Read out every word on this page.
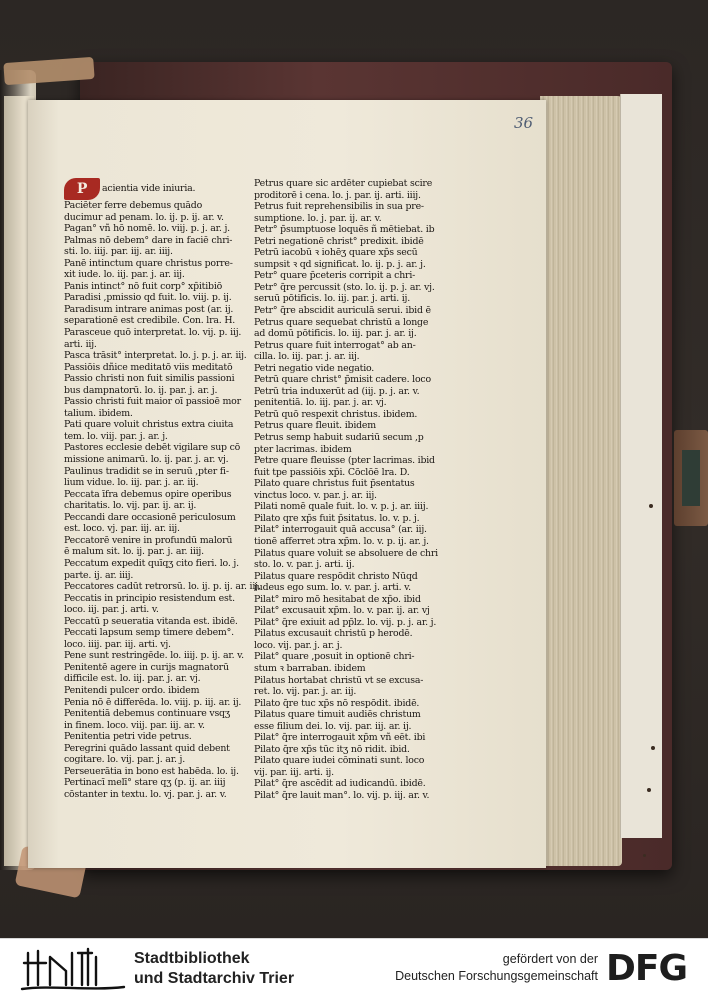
36
P acientia vide iniuria.
Paciēter ferre debemus quādo
ducimur ad penam. lo. ij. p. ij. ar. v.
Pagan° vñ hō nomē. lo. viij. p. j. ar. j.
Palmas nō debem° dare in faciē chri-
sti. lo. iiij. par. iij. ar. iiij.
Panē intinctum quare christus porre-
xit iude. lo. iij. par. j. ar. iij.
Panis intinct° nō fuit corp° xp̄itibiō
Paradisi ,pmissio qd fuit. lo. viij. p. ij.
Paradisum intrare animas post (ar. ij.
separationē est credibile. Con. lra. H.
Parasceue quō interpretat. lo. vij. p. iij.
arti. iij.
Pasca trāsit° interpretat. lo. j. p. j. ar. iij.
Passiōis dñice meditatō viis meditatō
Passio christi non fuit similis passioni
bus dampnatorū. lo. ij. par. j. ar. j.
Passio christi fuit maior oī passioē mor
talium. ibidem.
Pati quare voluit christus extra ciuita
tem. lo. viij. par. j. ar. j.
Pastores ecclesie debēt vigilare sup cō
missione animarū. lo. ij. par. j. ar. vj.
Paulinus tradidit se in seruū ,pter fi-
lium vidue. lo. iij. par. j. ar. iij.
Peccata īfra debemus opire operibus
charitatis. lo. vij. par. ij. ar. ij.
Peccandi dare occasionē periculosum
est. loco. vj. par. iij. ar. iij.
Peccatorē venire in profundū malorū
ē malum sit. lo. ij. par. j. ar. iiij.
Peccatum expedit quīqʒ cito fieri. lo. j.
parte. ij. ar. iiij.
Peccatores cadūt retrorsū. lo. ij. p. ij. ar. iij.
Peccatis in principio resistendum est.
loco. iij. par. j. arti. v.
Peccatū p seueratia vitanda est. ibidē.
Peccati lapsum semp timere debem°.
loco. iiij. par. iij. arti. vj.
Pene sunt restringēde. lo. iiij. p. ij. ar. v.
Penitentē agere in curijs magnatorū
difficile est. lo. iij. par. j. ar. vj.
Penitendi pulcer ordo. ibidem
Penia nō ē differēda. lo. viij. p. iij. ar. ij.
Penitentiā debemus continuare vsqʒ
in finem. loco. viij. par. iij. ar. v.
Penitentia petri vide petrus.
Peregrini quādo lassant quid debent
cogitare. lo. vij. par. j. ar. j.
Perseuerātia in bono est habēda. lo. ij.
Pertinacī melī° stare qʒ (p. ij. ar. iiij
cōstanter in textu. lo. vj. par. j. ar. v.
Petrus quare sic ardēter cupiebat scire
proditorē i cena. lo. j. par. ij. arti. iiij.
Petrus fuit reprehensibilis in sua pre-
sumptione. lo. j. par. ij. ar. v.
Petr° p̄sumptuose loquēs ñ mētiebat. ib
Petri negationē christ° predixit. ibidē
Petrū iacobū ꝛ ioh̄ēʒ quare xp̄s secū
sumpsit ꝛ qd significat. lo. ij. p. j. ar. j.
Petr° quare p̄ceteris corripit a chri-
Petr° q̄re percussit (sto. lo. ij. p. j. ar. vj.
seruū pōtificis. lo. iij. par. j. arti. ij.
Petr° q̄re abscidit auriculā serui. ibid ē
Petrus quare sequebat christū a longe
ad domū pōtificis. lo. iij. par. j. ar. ij.
Petrus quare fuit interrogat° ab an-
cilla. lo. iij. par. j. ar. iij.
Petri negatio vide negatio.
Petrū quare christ° p̄misit cadere. loco
Petrū tria induxerūt ad (iij. p. j. ar. v.
penitentiā. lo. iij. par. j. ar. vj.
Petrū quō respexit christus. ibidem.
Petrus quare fleuit. ibidem
Petrus semp habuit sudariū secum ,p
pter lacrimas. ibidem
Petre quare fleuisse (pter lacrimas. ibid
fuit tpe passiōis xp̄i. Cōclōē lra. D.
Pilato quare christus fuit p̄sentatus
vinctus loco. v. par. j. ar. iij.
Pilati nomē quale fuit. lo. v. p. j. ar. iiij.
Pilato qre xp̄s fuit p̄sitatus. lo. v. p. j.
Pilat° interrogauit quā accusa° (ar. iij.
tionē afferret ɔtra xp̄m. lo. v. p. ij. ar. j.
Pilatus quare voluit se absoluere de chri
sto. lo. v. par. j. arti. ij.
Pilatus quare respōdit christo Nūqd
iudeus ego sum. lo. v. par. j. arti. v.
Pilat° miro mō hesitabat de xp̄o. ibid
Pilat° excusauit xp̄m. lo. v. par. ij. ar. vj
Pilat° q̄re exiuit ad pp̄lz. lo. vij. p. j. ar. j.
Pilatus excusauit christū p herodē.
loco. vij. par. j. ar. j.
Pilat° quare ,posuit in optionē chri-
stum ꝛ barraban. ibidem
Pilatus hortabat christū vt se excusa-
ret. lo. vij. par. j. ar. iij.
Pilato q̄re tuc xp̄s nō respōdit. ibidē.
Pilatus quare timuit audiēs christum
esse filium dei. lo. vij. par. iij. ar. ij.
Pilat° q̄re interrogauit xp̄m vñ eēt. ibi
Pilato q̄re xp̄s tūc itʒ nō ridit. ibid.
Pilato quare iudei cōminati sunt. loco
vij. par. iij. arti. ij.
Pilat° q̄re ascēdit ad iudicandū. ibidē.
Pilat° q̄re lauit man°. lo. vij. p. iij. ar. v.
Stadtbibliothek
und Stadtarchiv Trier
gefördert von der
Deutschen Forschungsgemeinschaft DFG
